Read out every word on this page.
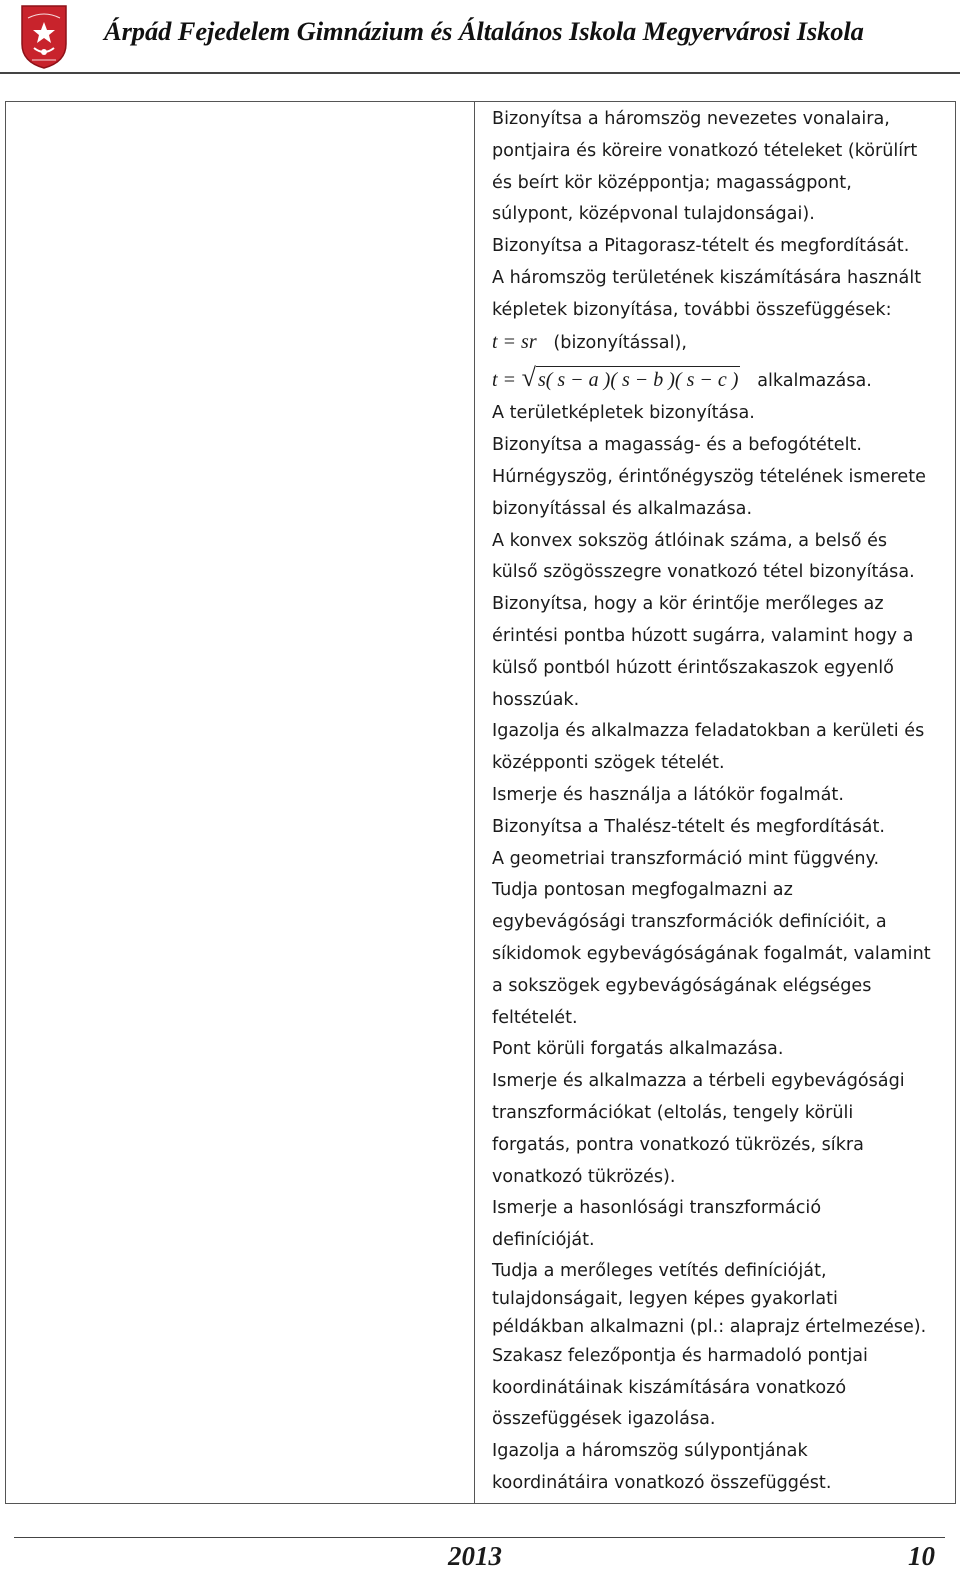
Árpád Fejedelem Gimnázium és Általános Iskola Megyervárosi Iskola
Bizonyítsa a háromszög nevezetes vonalaira,
pontjaira és köreire vonatkozó tételeket (körülírt
és beírt kör középpontja; magasságpont,
súlypont, középvonal tulajdonságai).
Bizonyítsa a Pitagorasz-tételt és megfordítását.
A háromszög területének kiszámítására használt
képletek bizonyítása, további összefüggések:
t = sr (bizonyítással),
t = √ s( s − a )( s − b )( s − c ) alkalmazása.
A területképletek bizonyítása.
Bizonyítsa a magasság- és a befogótételt.
Húrnégyszög, érintőnégyszög tételének ismerete
bizonyítással és alkalmazása.
A konvex sokszög átlóinak száma, a belső és
külső szögösszegre vonatkozó tétel bizonyítása.
Bizonyítsa, hogy a kör érintője merőleges az
érintési pontba húzott sugárra, valamint hogy a
külső pontból húzott érintőszakaszok egyenlő
hosszúak.
Igazolja és alkalmazza feladatokban a kerületi és
középponti szögek tételét.
Ismerje és használja a látókör fogalmát.
Bizonyítsa a Thalész-tételt és megfordítását.
A geometriai transzformáció mint függvény.
Tudja pontosan megfogalmazni az
egybevágósági transzformációk definícióit, a
síkidomok egybevágóságának fogalmát, valamint
a sokszögek egybevágóságának elégséges
feltételét.
Pont körüli forgatás alkalmazása.
Ismerje és alkalmazza a térbeli egybevágósági
transzformációkat (eltolás, tengely körüli
forgatás, pontra vonatkozó tükrözés, síkra
vonatkozó tükrözés).
Ismerje a hasonlósági transzformáció
definícióját.
Tudja a merőleges vetítés definícióját,
tulajdonságait, legyen képes gyakorlati
példákban alkalmazni (pl.: alaprajz értelmezése).
Szakasz felezőpontja és harmadoló pontjai
koordinátáinak kiszámítására vonatkozó
összefüggések igazolása.
Igazolja a háromszög súlypontjának
koordinátáira vonatkozó összefüggést.
2013	10
